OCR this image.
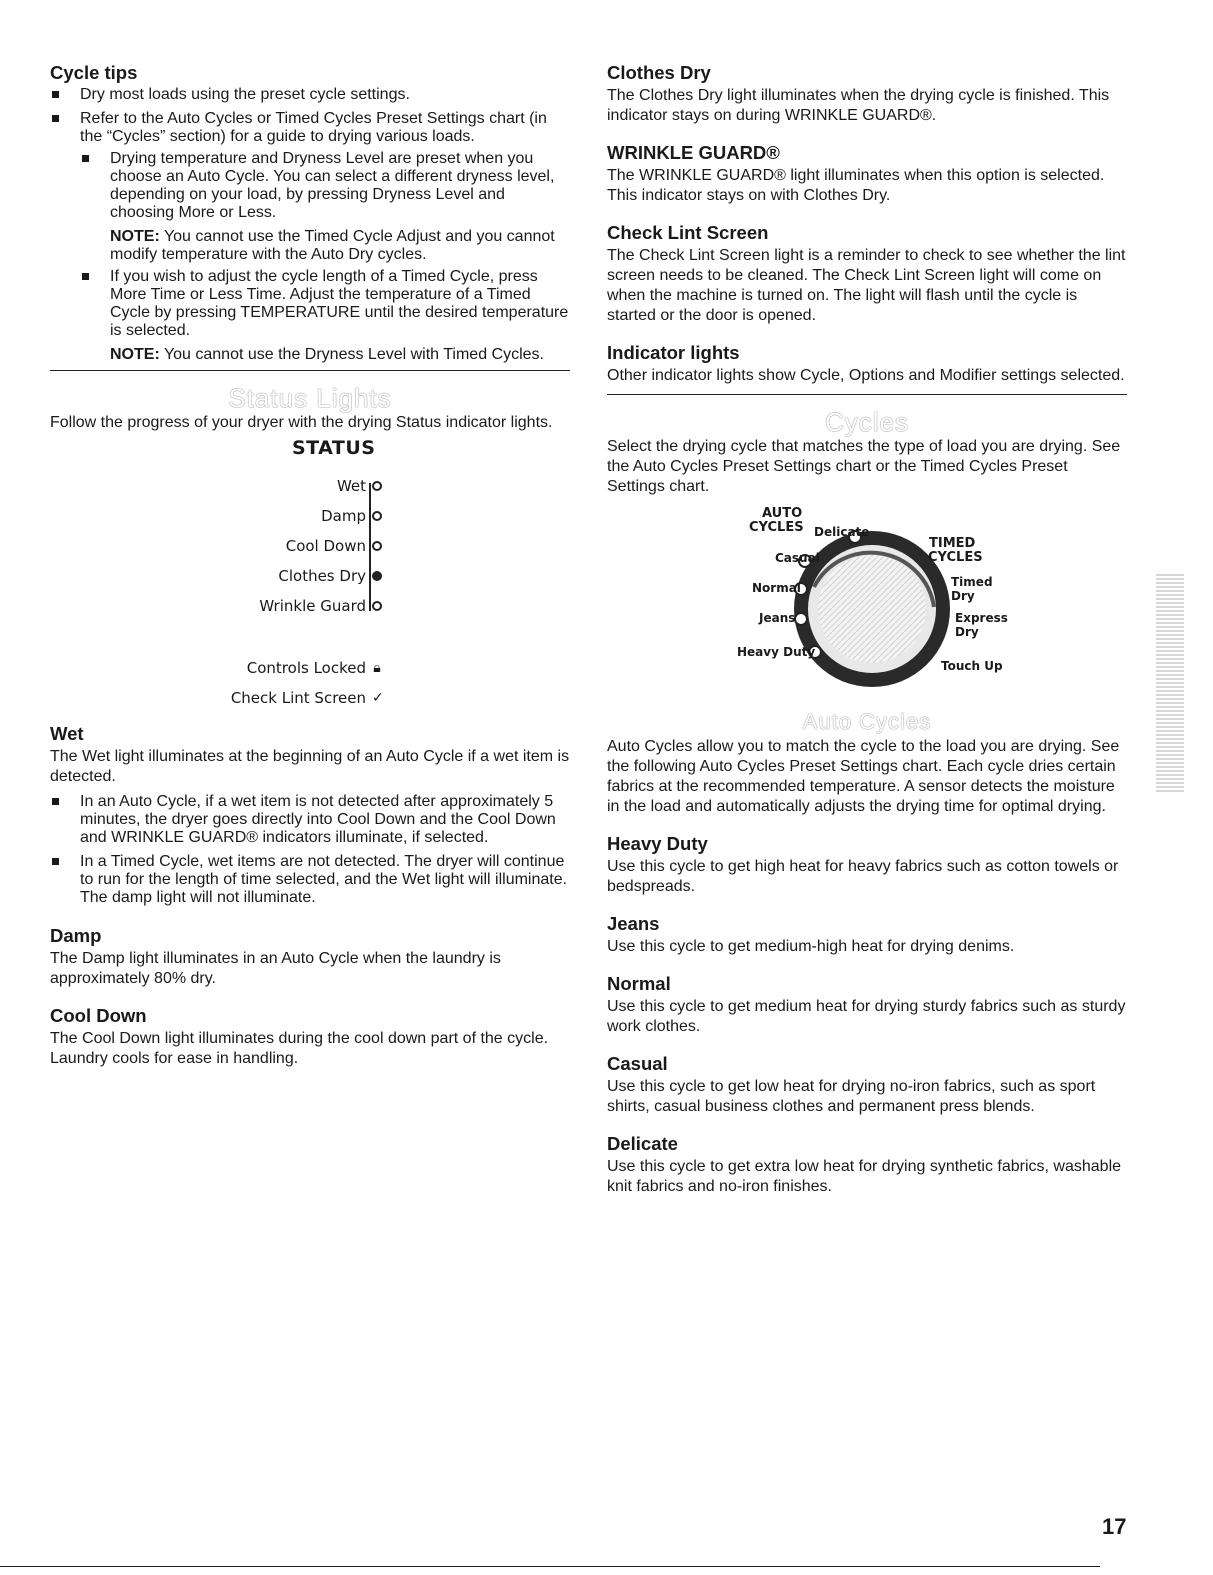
Cycle tips
Dry most loads using the preset cycle settings.
Refer to the Auto Cycles or Timed Cycles Preset Settings chart (in the “Cycles” section) for a guide to drying various loads.
Drying temperature and Dryness Level are preset when you choose an Auto Cycle. You can select a different dryness level, depending on your load, by pressing Dryness Level and choosing More or Less.
NOTE: You cannot use the Timed Cycle Adjust and you cannot modify temperature with the Auto Dry cycles.
If you wish to adjust the cycle length of a Timed Cycle, press More Time or Less Time. Adjust the temperature of a Timed Cycle by pressing TEMPERATURE until the desired temperature is selected.
NOTE: You cannot use the Dryness Level with Timed Cycles.
Status Lights

Follow the progress of your dryer with the drying Status indicator lights.

STATUS
Wet
Damp
Cool Down
Clothes Dry
Wrinkle Guard
Controls Locked 🔒︎
Check Lint Screen ✓
Wet

The Wet light illuminates at the beginning of an Auto Cycle if a wet item is detected.

In an Auto Cycle, if a wet item is not detected after approximately 5 minutes, the dryer goes directly into Cool Down and the Cool Down and WRINKLE GUARD® indicators illuminate, if selected.
In a Timed Cycle, wet items are not detected. The dryer will continue to run for the length of time selected, and the Wet light will illuminate. The damp light will not illuminate.
Damp

The Damp light illuminates in an Auto Cycle when the laundry is approximately 80% dry.

Cool Down

The Cool Down light illuminates during the cool down part of the cycle. Laundry cools for ease in handling.

Clothes Dry

The Clothes Dry light illuminates when the drying cycle is finished. This indicator stays on during WRINKLE GUARD®.

WRINKLE GUARD®

The WRINKLE GUARD® light illuminates when this option is selected. This indicator stays on with Clothes Dry.

Check Lint Screen

The Check Lint Screen light is a reminder to check to see whether the lint screen needs to be cleaned. The Check Lint Screen light will come on when the machine is turned on. The light will flash until the cycle is started or the door is opened.

Indicator lights

Other indicator lights show Cycle, Options and Modifier settings selected.

Cycles

Select the drying cycle that matches the type of load you are drying. See the Auto Cycles Preset Settings chart or the Timed Cycles Preset Settings chart.

AUTO
CYCLES Delicate
Casual
Normal
Jeans
Heavy Duty
TIMED
CYCLES
Timed
Dry
Express
Dry
Touch Up
Auto Cycles

Auto Cycles allow you to match the cycle to the load you are drying. See the following Auto Cycles Preset Settings chart. Each cycle dries certain fabrics at the recommended temperature. A sensor detects the moisture in the load and automatically adjusts the drying time for optimal drying.

Heavy Duty

Use this cycle to get high heat for heavy fabrics such as cotton towels or bedspreads.

Jeans

Use this cycle to get medium-high heat for drying denims.

Normal

Use this cycle to get medium heat for drying sturdy fabrics such as sturdy work clothes.

Casual

Use this cycle to get low heat for drying no-iron fabrics, such as sport shirts, casual business clothes and permanent press blends.

Delicate

Use this cycle to get extra low heat for drying synthetic fabrics, washable knit fabrics and no-iron finishes.

17
